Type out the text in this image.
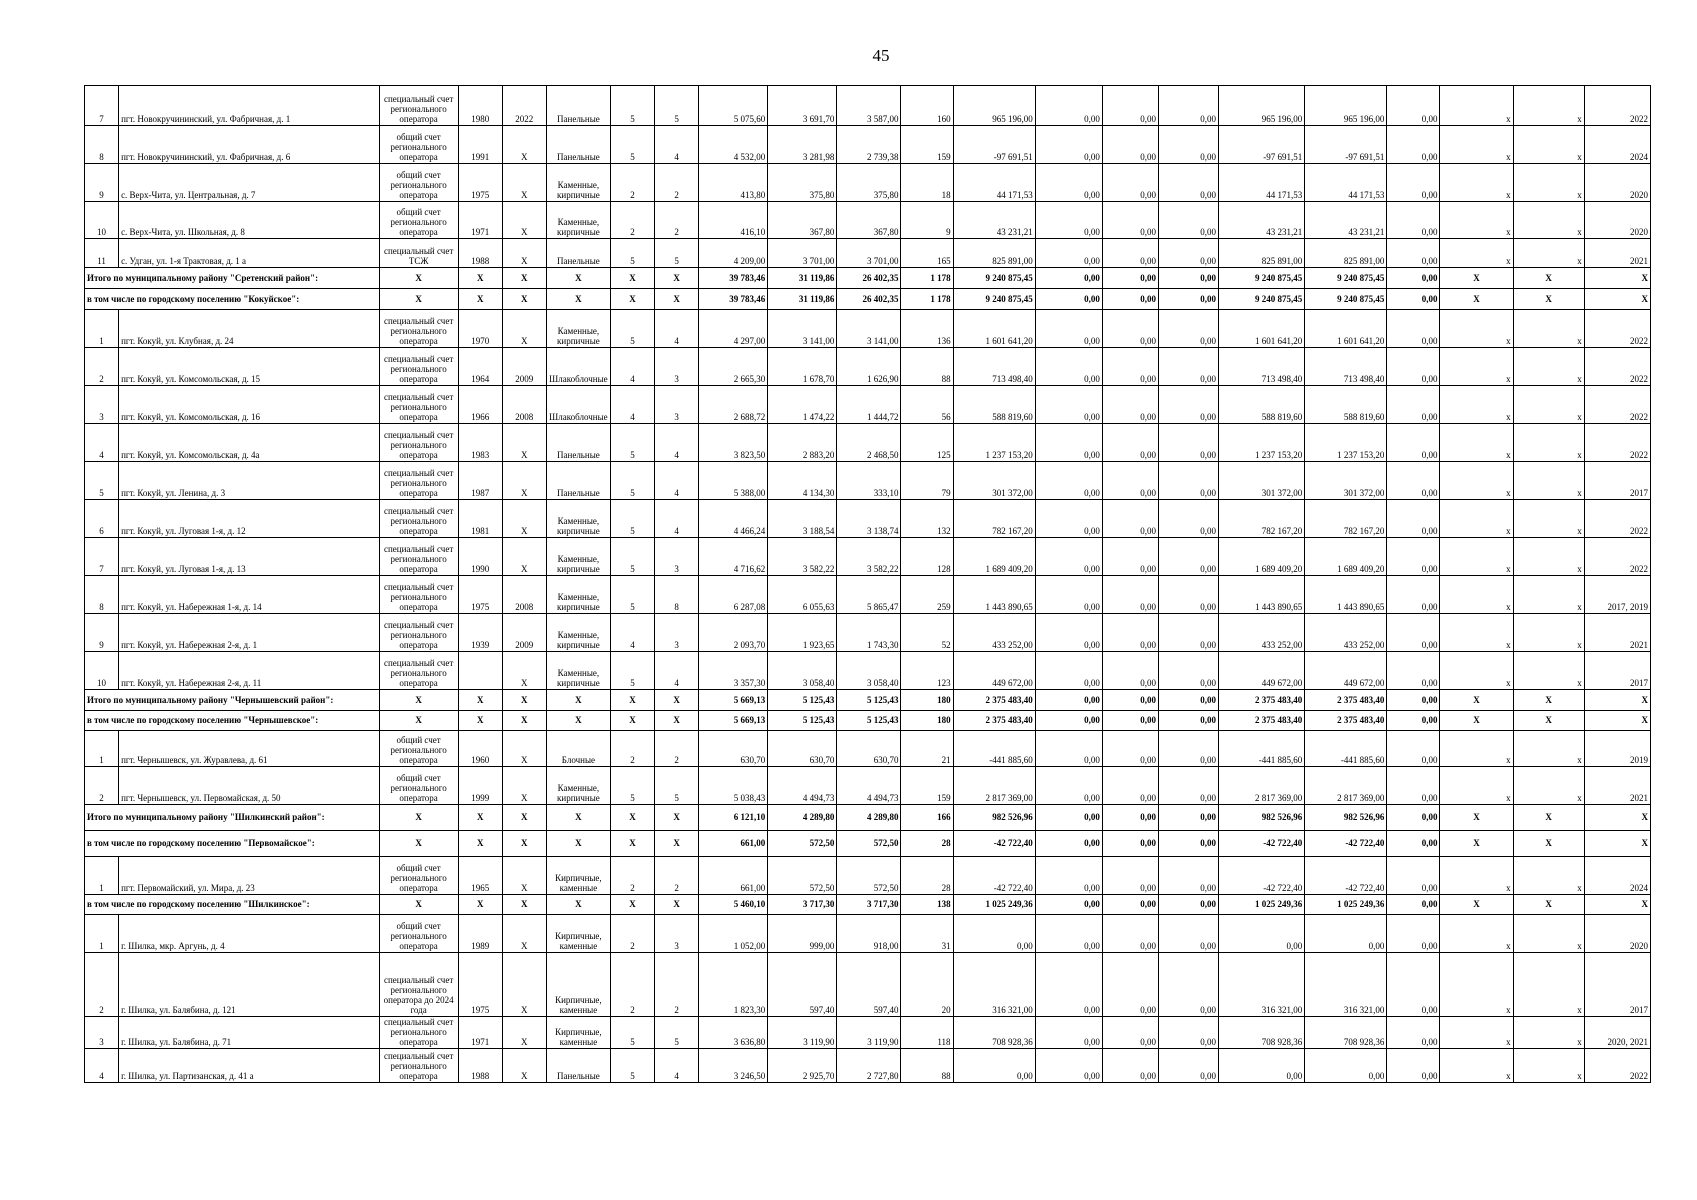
45
7	пгт. Новокручининский, ул. Фабричная, д. 1	специальный счет регионального оператора	1980	2022	Панельные	5	5	5 075,60	3 691,70	3 587,00	160	965 196,00	0,00	0,00	0,00	965 196,00	965 196,00	0,00	x	x	2022
8	пгт. Новокручининский, ул. Фабричная, д. 6	общий счет регионального оператора	1991	X	Панельные	5	4	4 532,00	3 281,98	2 739,38	159	-97 691,51	0,00	0,00	0,00	-97 691,51	-97 691,51	0,00	x	x	2024
9	с. Верх-Чита, ул. Центральная, д. 7	общий счет регионального оператора	1975	X	Каменные, кирпичные	2	2	413,80	375,80	375,80	18	44 171,53	0,00	0,00	0,00	44 171,53	44 171,53	0,00	x	x	2020
10	с. Верх-Чита, ул. Школьная, д. 8	общий счет регионального оператора	1971	X	Каменные, кирпичные	2	2	416,10	367,80	367,80	9	43 231,21	0,00	0,00	0,00	43 231,21	43 231,21	0,00	x	x	2020
11	с. Удган, ул. 1-я Трактовая, д. 1 а	специальный счет ТСЖ	1988	X	Панельные	5	5	4 209,00	3 701,00	3 701,00	165	825 891,00	0,00	0,00	0,00	825 891,00	825 891,00	0,00	x	x	2021
Итого по муниципальному району "Сретенский район":		X	X	X	X	X	X	39 783,46	31 119,86	26 402,35	1 178	9 240 875,45	0,00	0,00	0,00	9 240 875,45	9 240 875,45	0,00	X	X	X
в том числе по городскому поселению "Кокуйское":		X	X	X	X	X	X	39 783,46	31 119,86	26 402,35	1 178	9 240 875,45	0,00	0,00	0,00	9 240 875,45	9 240 875,45	0,00	X	X	X
1	пгт. Кокуй, ул. Клубная, д. 24	специальный счет регионального оператора	1970	X	Каменные, кирпичные	5	4	4 297,00	3 141,00	3 141,00	136	1 601 641,20	0,00	0,00	0,00	1 601 641,20	1 601 641,20	0,00	x	x	2022
2	пгт. Кокуй, ул. Комсомольская, д. 15	специальный счет регионального оператора	1964	2009	Шлакоблочные	4	3	2 665,30	1 678,70	1 626,90	88	713 498,40	0,00	0,00	0,00	713 498,40	713 498,40	0,00	x	x	2022
3	пгт. Кокуй, ул. Комсомольская, д. 16	специальный счет регионального оператора	1966	2008	Шлакоблочные	4	3	2 688,72	1 474,22	1 444,72	56	588 819,60	0,00	0,00	0,00	588 819,60	588 819,60	0,00	x	x	2022
4	пгт. Кокуй, ул. Комсомольская, д. 4а	специальный счет регионального оператора	1983	X	Панельные	5	4	3 823,50	2 883,20	2 468,50	125	1 237 153,20	0,00	0,00	0,00	1 237 153,20	1 237 153,20	0,00	x	x	2022
5	пгт. Кокуй, ул. Ленина, д. 3	специальный счет регионального оператора	1987	X	Панельные	5	4	5 388,00	4 134,30	333,10	79	301 372,00	0,00	0,00	0,00	301 372,00	301 372,00	0,00	x	x	2017
6	пгт. Кокуй, ул. Луговая 1-я, д. 12	специальный счет регионального оператора	1981	X	Каменные, кирпичные	5	4	4 466,24	3 188,54	3 138,74	132	782 167,20	0,00	0,00	0,00	782 167,20	782 167,20	0,00	x	x	2022
7	пгт. Кокуй, ул. Луговая 1-я, д. 13	специальный счет регионального оператора	1990	X	Каменные, кирпичные	5	3	4 716,62	3 582,22	3 582,22	128	1 689 409,20	0,00	0,00	0,00	1 689 409,20	1 689 409,20	0,00	x	x	2022
8	пгт. Кокуй, ул. Набережная 1-я, д. 14	специальный счет регионального оператора	1975	2008	Каменные, кирпичные	5	8	6 287,08	6 055,63	5 865,47	259	1 443 890,65	0,00	0,00	0,00	1 443 890,65	1 443 890,65	0,00	x	x	2017, 2019
9	пгт. Кокуй, ул. Набережная 2-я, д. 1	специальный счет регионального оператора	1939	2009	Каменные, кирпичные	4	3	2 093,70	1 923,65	1 743,30	52	433 252,00	0,00	0,00	0,00	433 252,00	433 252,00	0,00	x	x	2021
10	пгт. Кокуй, ул. Набережная 2-я, д. 11	специальный счет регионального оператора		X	Каменные, кирпичные	5	4	3 357,30	3 058,40	3 058,40	123	449 672,00	0,00	0,00	0,00	449 672,00	449 672,00	0,00	x	x	2017
Итого по муниципальному району "Чернышевский район":		X	X	X	X	X	X	5 669,13	5 125,43	5 125,43	180	2 375 483,40	0,00	0,00	0,00	2 375 483,40	2 375 483,40	0,00	X	X	X
в том числе по городскому поселению "Чернышевское":		X	X	X	X	X	X	5 669,13	5 125,43	5 125,43	180	2 375 483,40	0,00	0,00	0,00	2 375 483,40	2 375 483,40	0,00	X	X	X
1	пгт. Чернышевск, ул. Журавлева, д. 61	общий счет регионального оператора	1960	X	Блочные	2	2	630,70	630,70	630,70	21	-441 885,60	0,00	0,00	0,00	-441 885,60	-441 885,60	0,00	x	x	2019
2	пгт. Чернышевск, ул. Первомайская, д. 50	общий счет регионального оператора	1999	X	Каменные, кирпичные	5	5	5 038,43	4 494,73	4 494,73	159	2 817 369,00	0,00	0,00	0,00	2 817 369,00	2 817 369,00	0,00	x	x	2021
Итого по муниципальному району "Шилкинский район":		X	X	X	X	X	X	6 121,10	4 289,80	4 289,80	166	982 526,96	0,00	0,00	0,00	982 526,96	982 526,96	0,00	X	X	X
в том числе по городскому поселению "Первомайское":		X	X	X	X	X	X	661,00	572,50	572,50	28	-42 722,40	0,00	0,00	0,00	-42 722,40	-42 722,40	0,00	X	X	X
1	пгт. Первомайский, ул. Мира, д. 23	общий счет регионального оператора	1965	X	Кирпичные, каменные	2	2	661,00	572,50	572,50	28	-42 722,40	0,00	0,00	0,00	-42 722,40	-42 722,40	0,00	x	x	2024
в том числе по городскому поселению "Шилкинское":		X	X	X	X	X	X	5 460,10	3 717,30	3 717,30	138	1 025 249,36	0,00	0,00	0,00	1 025 249,36	1 025 249,36	0,00	X	X	X
1	г. Шилка, мкр. Аргунь, д. 4	общий счет регионального оператора	1989	X	Кирпичные, каменные	2	3	1 052,00	999,00	918,00	31	0,00	0,00	0,00	0,00	0,00	0,00	0,00	x	x	2020
2	г. Шилка, ул. Балябина, д. 121	специальный счет регионального оператора до 2024 года	1975	X	Кирпичные, каменные	2	2	1 823,30	597,40	597,40	20	316 321,00	0,00	0,00	0,00	316 321,00	316 321,00	0,00	x	x	2017
3	г. Шилка, ул. Балябина, д. 71	специальный счет регионального оператора	1971	X	Кирпичные, каменные	5	5	3 636,80	3 119,90	3 119,90	118	708 928,36	0,00	0,00	0,00	708 928,36	708 928,36	0,00	x	x	2020, 2021
4	г. Шилка, ул. Партизанская, д. 41 а	специальный счет регионального оператора	1988	X	Панельные	5	4	3 246,50	2 925,70	2 727,80	88	0,00	0,00	0,00	0,00	0,00	0,00	0,00	x	x	2022
